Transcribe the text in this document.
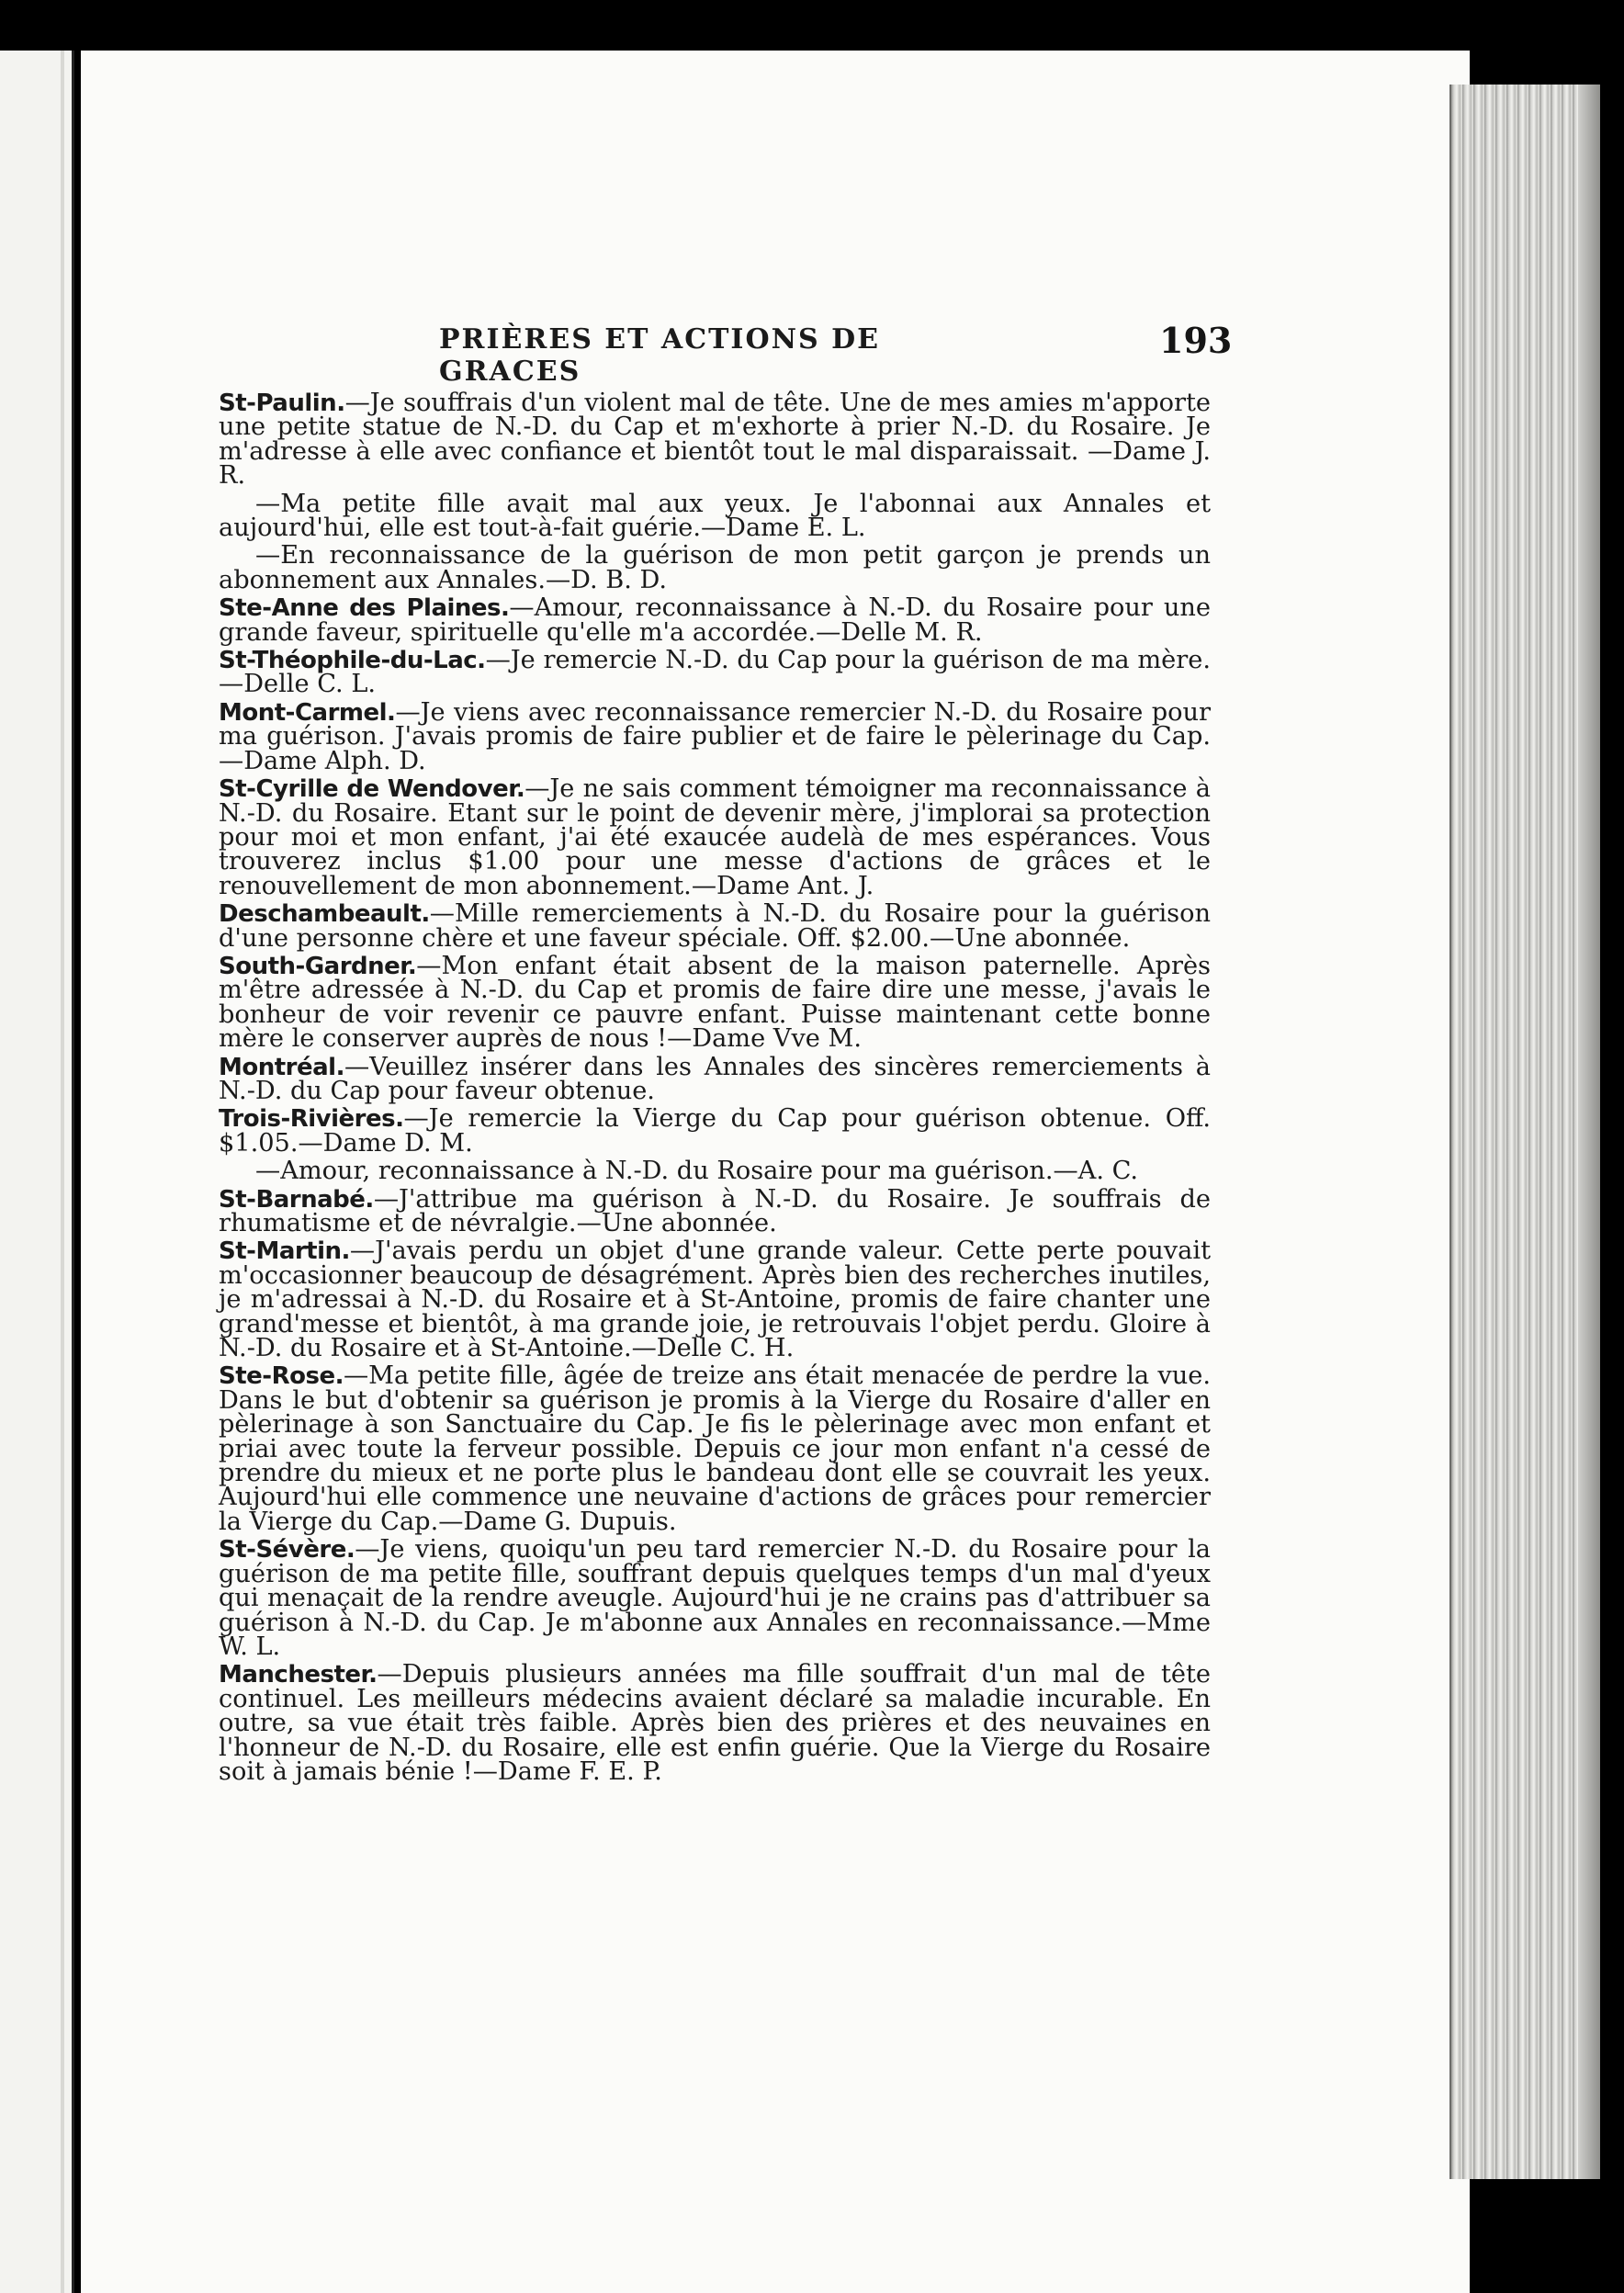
PRIÈRES ET ACTIONS DE GRACES
193

St-Paulin.—Je souffrais d'un violent mal de tête. Une de mes amies m'apporte une petite statue de N.-D. du Cap et m'exhorte à prier N.-D. du Rosaire. Je m'adresse à elle avec confiance et bientôt tout le mal disparaissait. —Dame J. R.

—Ma petite fille avait mal aux yeux. Je l'abonnai aux Annales et aujourd'hui, elle est tout-à-fait guérie.—Dame E. L.

—En reconnaissance de la guérison de mon petit garçon je prends un abonnement aux Annales.—D. B. D.

Ste-Anne des Plaines.—Amour, reconnaissance à N.-D. du Rosaire pour une grande faveur, spirituelle qu'elle m'a accordée.—Delle M. R.

St-Théophile-du-Lac.—Je remercie N.-D. du Cap pour la guérison de ma mère.—Delle C. L.

Mont-Carmel.—Je viens avec reconnaissance remercier N.-D. du Rosaire pour ma guérison. J'avais promis de faire publier et de faire le pèlerinage du Cap.—Dame Alph. D.

St-Cyrille de Wendover.—Je ne sais comment témoigner ma reconnaissance à N.-D. du Rosaire. Etant sur le point de devenir mère, j'implorai sa protection pour moi et mon enfant, j'ai été exaucée audelà de mes espérances. Vous trouverez inclus $1.00 pour une messe d'actions de grâces et le renouvellement de mon abonnement.—Dame Ant. J.

Deschambeault.—Mille remerciements à N.-D. du Rosaire pour la guérison d'une personne chère et une faveur spéciale. Off. $2.00.—Une abonnée.

South-Gardner.—Mon enfant était absent de la maison paternelle. Après m'être adressée à N.-D. du Cap et promis de faire dire une messe, j'avais le bonheur de voir revenir ce pauvre enfant. Puisse maintenant cette bonne mère le conserver auprès de nous !—Dame Vve M.

Montréal.—Veuillez insérer dans les Annales des sincères remerciements à N.-D. du Cap pour faveur obtenue.

Trois-Rivières.—Je remercie la Vierge du Cap pour guérison obtenue. Off. $1.05.—Dame D. M.

—Amour, reconnaissance à N.-D. du Rosaire pour ma guérison.—A. C.

St-Barnabé.—J'attribue ma guérison à N.-D. du Rosaire. Je souffrais de rhumatisme et de névralgie.—Une abonnée.

St-Martin.—J'avais perdu un objet d'une grande valeur. Cette perte pouvait m'occasionner beaucoup de désagrément. Après bien des recherches inutiles, je m'adressai à N.-D. du Rosaire et à St-Antoine, promis de faire chanter une grand'messe et bientôt, à ma grande joie, je retrouvais l'objet perdu. Gloire à N.-D. du Rosaire et à St-Antoine.—Delle C. H.

Ste-Rose.—Ma petite fille, âgée de treize ans était menacée de perdre la vue. Dans le but d'obtenir sa guérison je promis à la Vierge du Rosaire d'aller en pèlerinage à son Sanctuaire du Cap. Je fis le pèlerinage avec mon enfant et priai avec toute la ferveur possible. Depuis ce jour mon enfant n'a cessé de prendre du mieux et ne porte plus le bandeau dont elle se couvrait les yeux. Aujourd'hui elle commence une neuvaine d'actions de grâces pour remercier la Vierge du Cap.—Dame G. Dupuis.

St-Sévère.—Je viens, quoiqu'un peu tard remercier N.-D. du Rosaire pour la guérison de ma petite fille, souffrant depuis quelques temps d'un mal d'yeux qui menaçait de la rendre aveugle. Aujourd'hui je ne crains pas d'attribuer sa guérison à N.-D. du Cap. Je m'abonne aux Annales en reconnaissance.—Mme W. L.

Manchester.—Depuis plusieurs années ma fille souffrait d'un mal de tête continuel. Les meilleurs médecins avaient déclaré sa maladie incurable. En outre, sa vue était très faible. Après bien des prières et des neuvaines en l'honneur de N.-D. du Rosaire, elle est enfin guérie. Que la Vierge du Rosaire soit à jamais bénie !—Dame F. E. P.
